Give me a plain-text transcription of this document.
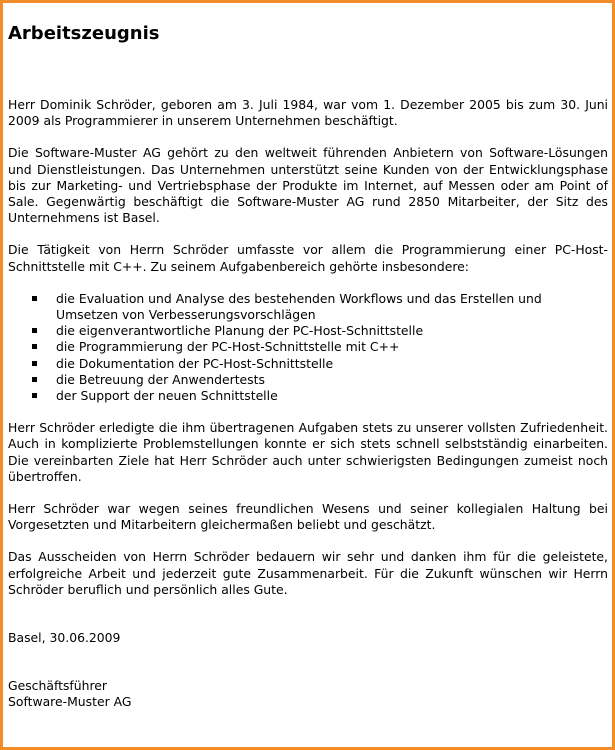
Arbeitszeugnis

Herr Dominik Schröder, geboren am 3. Juli 1984, war vom 1. Dezember 2005 bis zum 30. Juni 2009 als Programmierer in unserem Unternehmen beschäftigt.

Die Software-Muster AG gehört zu den weltweit führenden Anbietern von Software-Lösungen und Dienstleistungen. Das Unternehmen unterstützt seine Kunden von der Entwicklungsphase bis zur Marketing- und Vertriebsphase der Produkte im Internet, auf Messen oder am Point of Sale. Gegenwärtig beschäftigt die Software-Muster AG rund 2850 Mitarbeiter, der Sitz des Unternehmens ist Basel.

Die Tätigkeit von Herrn Schröder umfasste vor allem die Programmierung einer PC-Host-Schnittstelle mit C++. Zu seinem Aufgabenbereich gehörte insbesondere:

die Evaluation und Analyse des bestehenden Workflows und das Erstellen und Umsetzen von Verbesserungsvorschlägen
die eigenverantwortliche Planung der PC-Host-Schnittstelle
die Programmierung der PC-Host-Schnittstelle mit C++
die Dokumentation der PC-Host-Schnittstelle
die Betreuung der Anwendertests
der Support der neuen Schnittstelle

Herr Schröder erledigte die ihm übertragenen Aufgaben stets zu unserer vollsten Zufriedenheit. Auch in komplizierte Problemstellungen konnte er sich stets schnell selbstständig einarbeiten. Die vereinbarten Ziele hat Herr Schröder auch unter schwierigsten Bedingungen zumeist noch übertroffen.

Herr Schröder war wegen seines freundlichen Wesens und seiner kollegialen Haltung bei Vorgesetzten und Mitarbeitern gleichermaßen beliebt und geschätzt.

Das Ausscheiden von Herrn Schröder bedauern wir sehr und danken ihm für die geleistete, erfolgreiche Arbeit und jederzeit gute Zusammenarbeit. Für die Zukunft wünschen wir Herrn Schröder beruflich und persönlich alles Gute.

Basel, 30.06.2009

Geschäftsführer
Software-Muster AG
